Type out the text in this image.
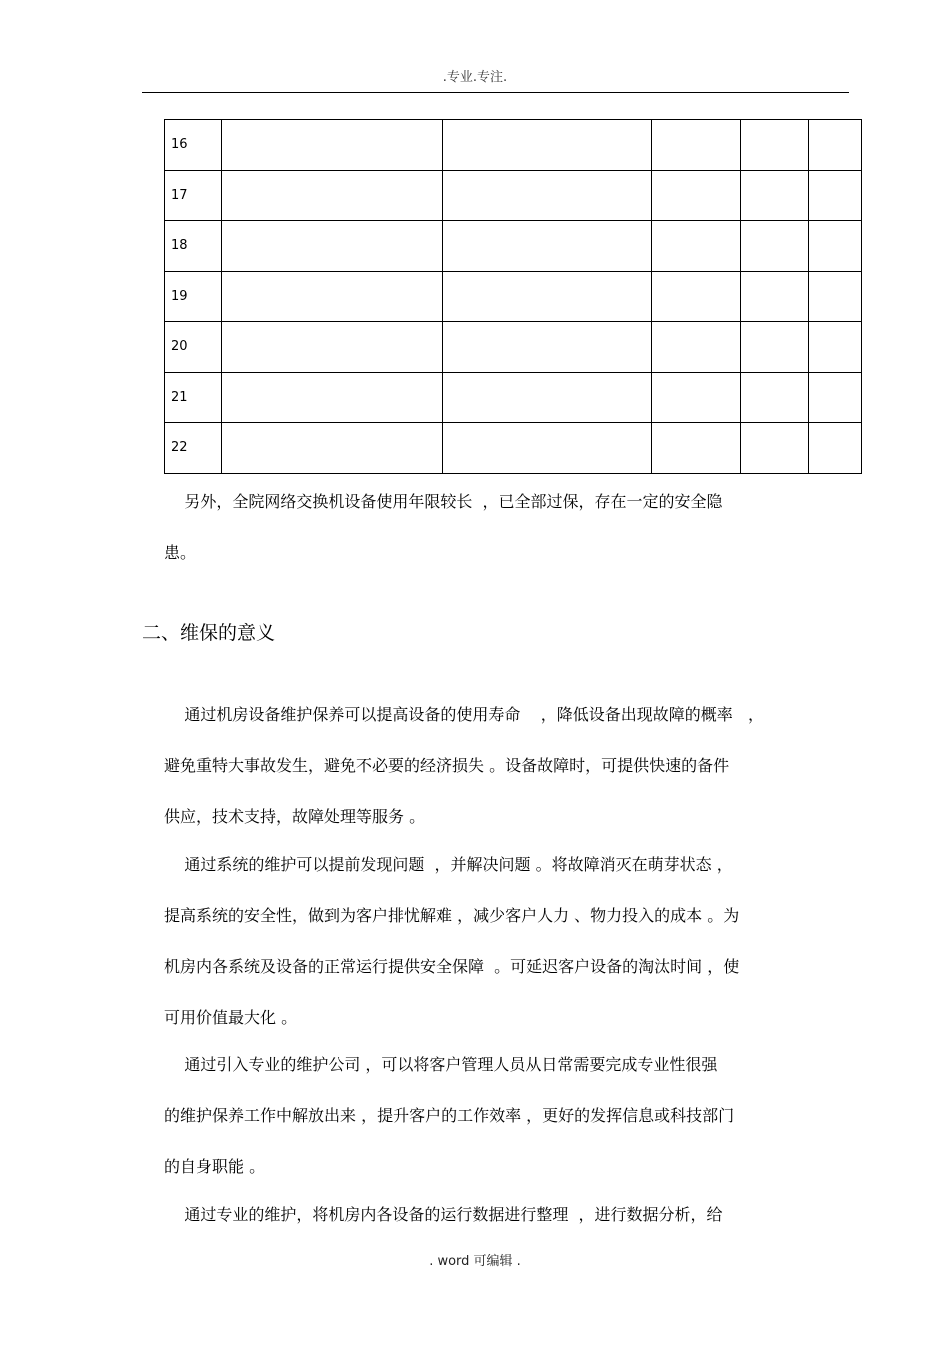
.专业.专注.
16					
17					
18					
19					
20					
21					
22					

另外，全院网络交换机设备使用年限较长  ，已全部过保，存在一定的安全隐
患。

二、维保的意义

通过机房设备维护保养可以提高设备的使用寿命    ，降低设备出现故障的概率   ，
避免重特大事故发生，避免不必要的经济损失 。设备故障时，可提供快速的备件
供应，技术支持，故障处理等服务 。

通过系统的维护可以提前发现问题  ，并解决问题 。将故障消灭在萌芽状态 ，
提高系统的安全性，做到为客户排忧解难 ，减少客户人力 、物力投入的成本 。为
机房内各系统及设备的正常运行提供安全保障  。可延迟客户设备的淘汰时间 ，使
可用价值最大化 。

通过引入专业的维护公司 ，可以将客户管理人员从日常需要完成专业性很强
的维护保养工作中解放出来 ，提升客户的工作效率 ，更好的发挥信息或科技部门
的自身职能 。

通过专业的维护，将机房内各设备的运行数据进行整理  ，进行数据分析，给

. word 可编辑 .
